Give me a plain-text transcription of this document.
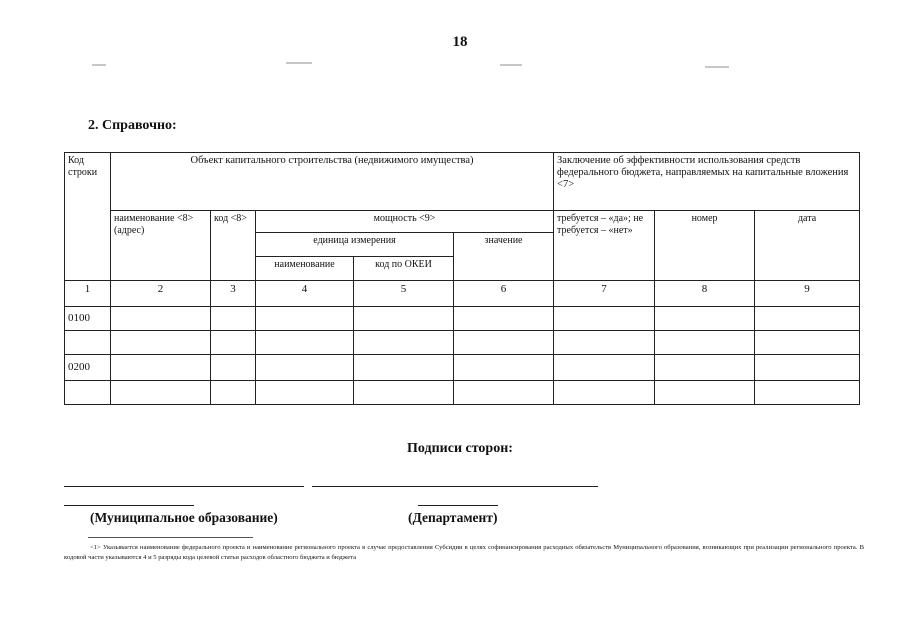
18
2. Справочно:
Код строки	Объект капитального строительства (недвижимого имущества)					Заключение об эффективности использования средств федерального бюджета, направляемых на капитальные вложения <7>		
	наименование <8> (адрес)	код <8>	мощность <9>			требуется – «да»; не требуется – «нет»	номер	дата
			единица измерения		значение			
			наименование	код по ОКЕИ				
1	2	3	4	5	6	7	8	9
0100								

0200								

Подписи сторон:
(Муниципальное образование)	(Департамент)
<1> Указывается наименование федерального проекта и наименование регионального проекта в случае предоставления Субсидии в целях софинансирования расходных обязательств Муниципального образования, возникающих при реализации регионального проекта. В кодовой части указываются 4 и 5 разряды кода целевой статьи расходов областного бюджета и бюджета
